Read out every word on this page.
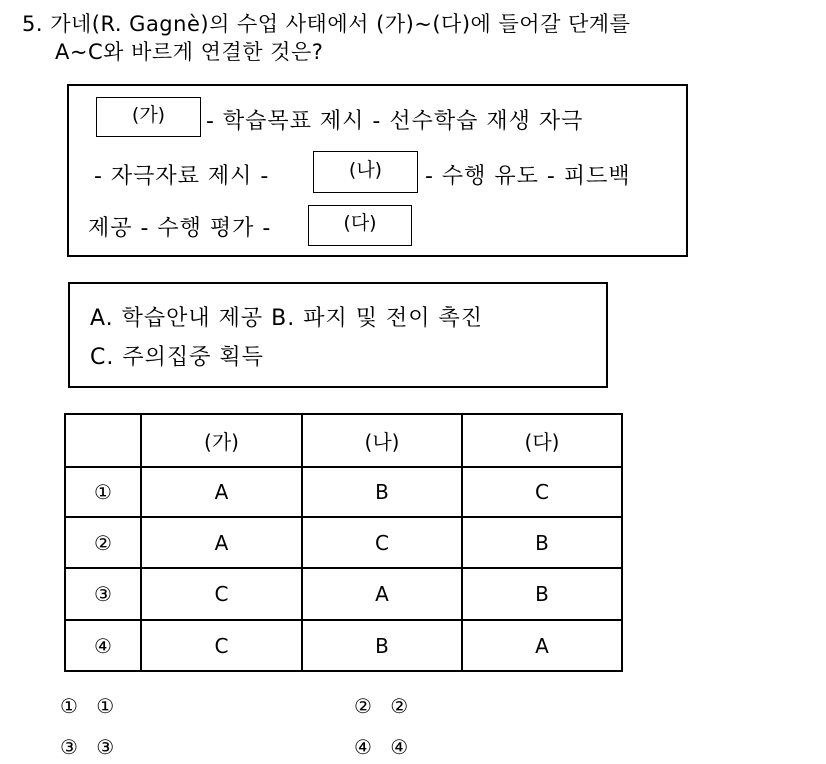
5. 가네(R. Gagnè)의 수업 사태에서 (가)~(다)에 들어갈 단계를
A~C와 바르게 연결한 것은?
(가)	- 학습목표 제시 - 선수학습 재생 자극
- 자극자료 제시 -	(나)	- 수행 유도 - 피드백
제공 - 수행 평가 -	(다)
A. 학습안내 제공 B. 파지 및 전이 촉진
C. 주의집중 획득
	(가)	(나)	(다)
①	A	B	C
②	A	C	B
③	C	A	B
④	C	B	A
① ①	② ②
③ ③	④ ④
